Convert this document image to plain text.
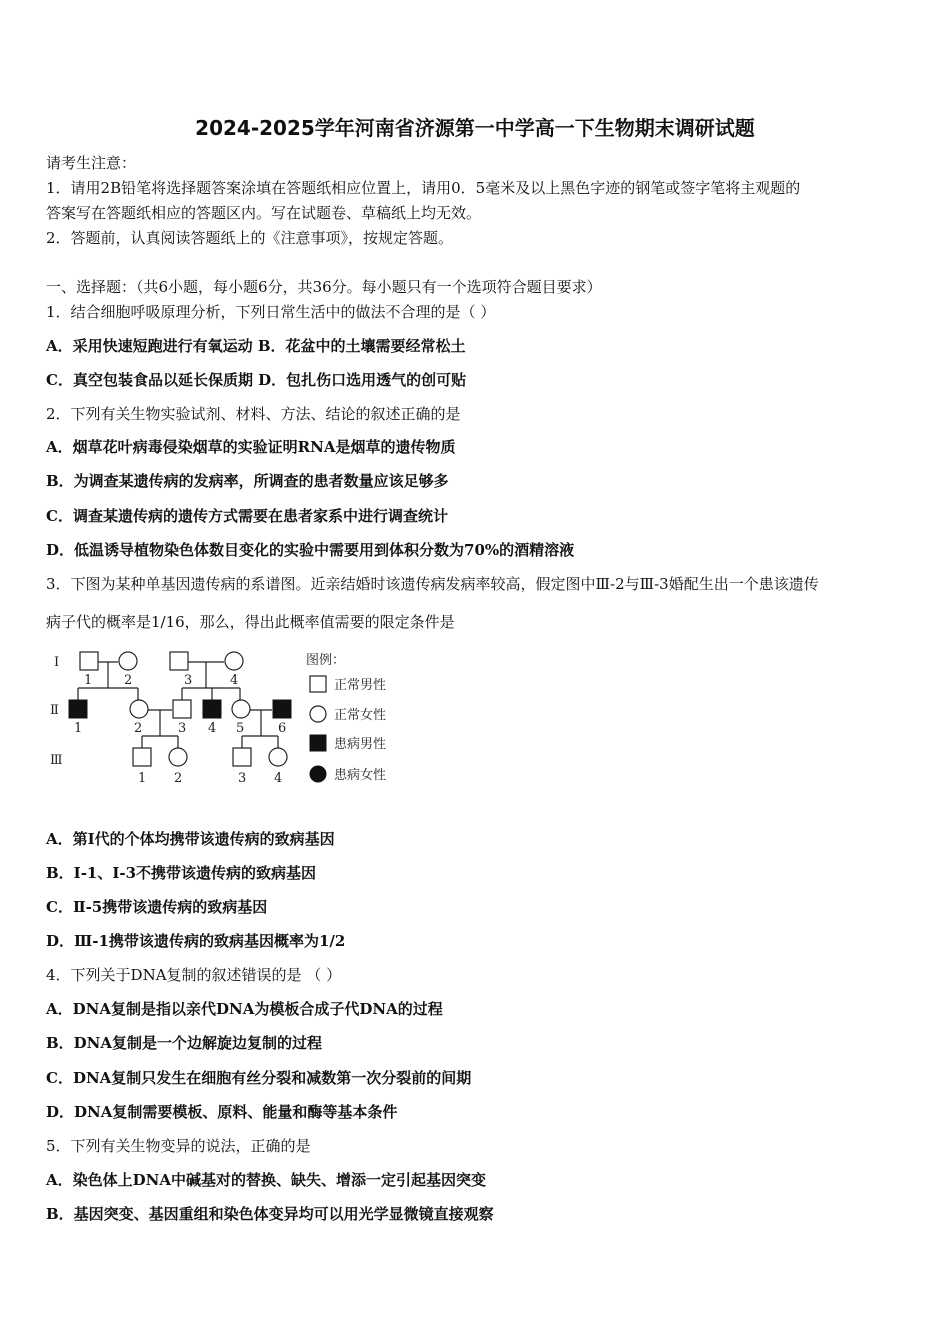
2024-2025学年河南省济源第一中学高一下生物期末调研试题
请考生注意：
1．请用2B铅笔将选择题答案涂填在答题纸相应位置上，请用0．5毫米及以上黑色字迹的钢笔或签字笔将主观题的
答案写在答题纸相应的答题区内。写在试题卷、草稿纸上均无效。
2．答题前，认真阅读答题纸上的《注意事项》，按规定答题。
一、选择题：（共6小题，每小题6分，共36分。每小题只有一个选项符合题目要求）
1．结合细胞呼吸原理分析，下列日常生活中的做法不合理的是（ ）
A．采用快速短跑进行有氧运动 B．花盆中的土壤需要经常松土
C．真空包装食品以延长保质期 D．包扎伤口选用透气的创可贴
2．下列有关生物实验试剂、材料、方法、结论的叙述正确的是
A．烟草花叶病毒侵染烟草的实验证明RNA是烟草的遗传物质
B．为调查某遗传病的发病率，所调查的患者数量应该足够多
C．调查某遗传病的遗传方式需要在患者家系中进行调查统计
D．低温诱导植物染色体数目变化的实验中需要用到体积分数为70%的酒精溶液
3．下图为某种单基因遗传病的系谱图。近亲结婚时该遗传病发病率较高，假定图中Ⅲ-2与Ⅲ-3婚配生出一个患该遗传
病子代的概率是1/16，那么，得出此概率值需要的限定条件是
Ⅰ
Ⅱ
Ⅲ
1 2	3	4
1	2	3 4 5	6
1 2	3 4
图例：
正常男性
正常女性
患病男性
患病女性
A．第Ⅰ代的个体均携带该遗传病的致病基因
B．Ⅰ-1、Ⅰ-3不携带该遗传病的致病基因
C．Ⅱ-5携带该遗传病的致病基因
D．Ⅲ-1携带该遗传病的致病基因概率为1/2
4．下列关于DNA复制的叙述错误的是 （ ）
A．DNA复制是指以亲代DNA为模板合成子代DNA的过程
B．DNA复制是一个边解旋边复制的过程
C．DNA复制只发生在细胞有丝分裂和减数第一次分裂前的间期
D．DNA复制需要模板、原料、能量和酶等基本条件
5．下列有关生物变异的说法，正确的是
A．染色体上DNA中碱基对的替换、缺失、增添一定引起基因突变
B．基因突变、基因重组和染色体变异均可以用光学显微镜直接观察
